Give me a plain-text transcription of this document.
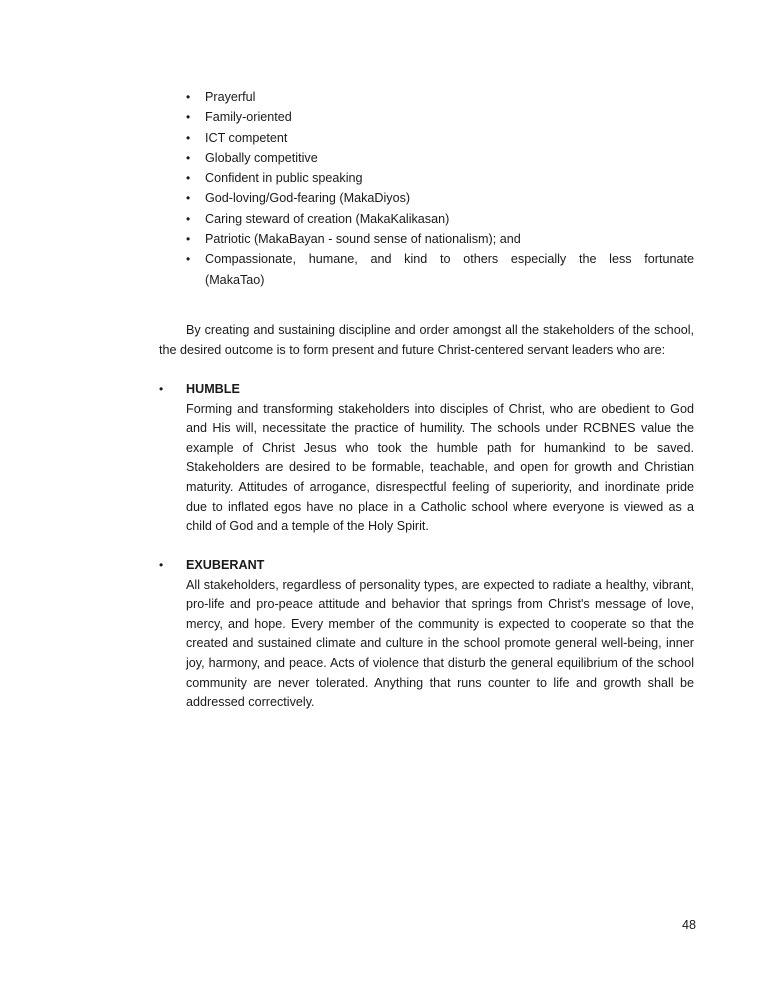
•	Prayerful
•	Family-oriented
•	ICT competent
•	Globally competitive
•	Confident in public speaking
•	God-loving/God-fearing (MakaDiyos)
•	Caring steward of creation (MakaKalikasan)
•	Patriotic (MakaBayan - sound sense of nationalism); and
•	Compassionate, humane, and kind to others especially the less fortunate
(MakaTao)

By creating and sustaining discipline and order amongst all the stakeholders of the school, the desired outcome is to form present and future Christ-centered servant leaders who are:

• HUMBLE

Forming and transforming stakeholders into disciples of Christ, who are obedient to God and His will, necessitate the practice of humility. The schools under RCBNES value the example of Christ Jesus who took the humble path for humankind to be saved. Stakeholders are desired to be formable, teachable, and open for growth and Christian maturity. Attitudes of arrogance, disrespectful feeling of superiority, and inordinate pride due to inflated egos have no place in a Catholic school where everyone is viewed as a child of God and a temple of the Holy Spirit.

• EXUBERANT

All stakeholders, regardless of personality types, are expected to radiate a healthy, vibrant, pro-life and pro-peace attitude and behavior that springs from Christ's message of love, mercy, and hope. Every member of the community is expected to cooperate so that the created and sustained climate and culture in the school promote general well-being, inner joy, harmony, and peace. Acts of violence that disturb the general equilibrium of the school community are never tolerated. Anything that runs counter to life and growth shall be addressed correctively.

48
